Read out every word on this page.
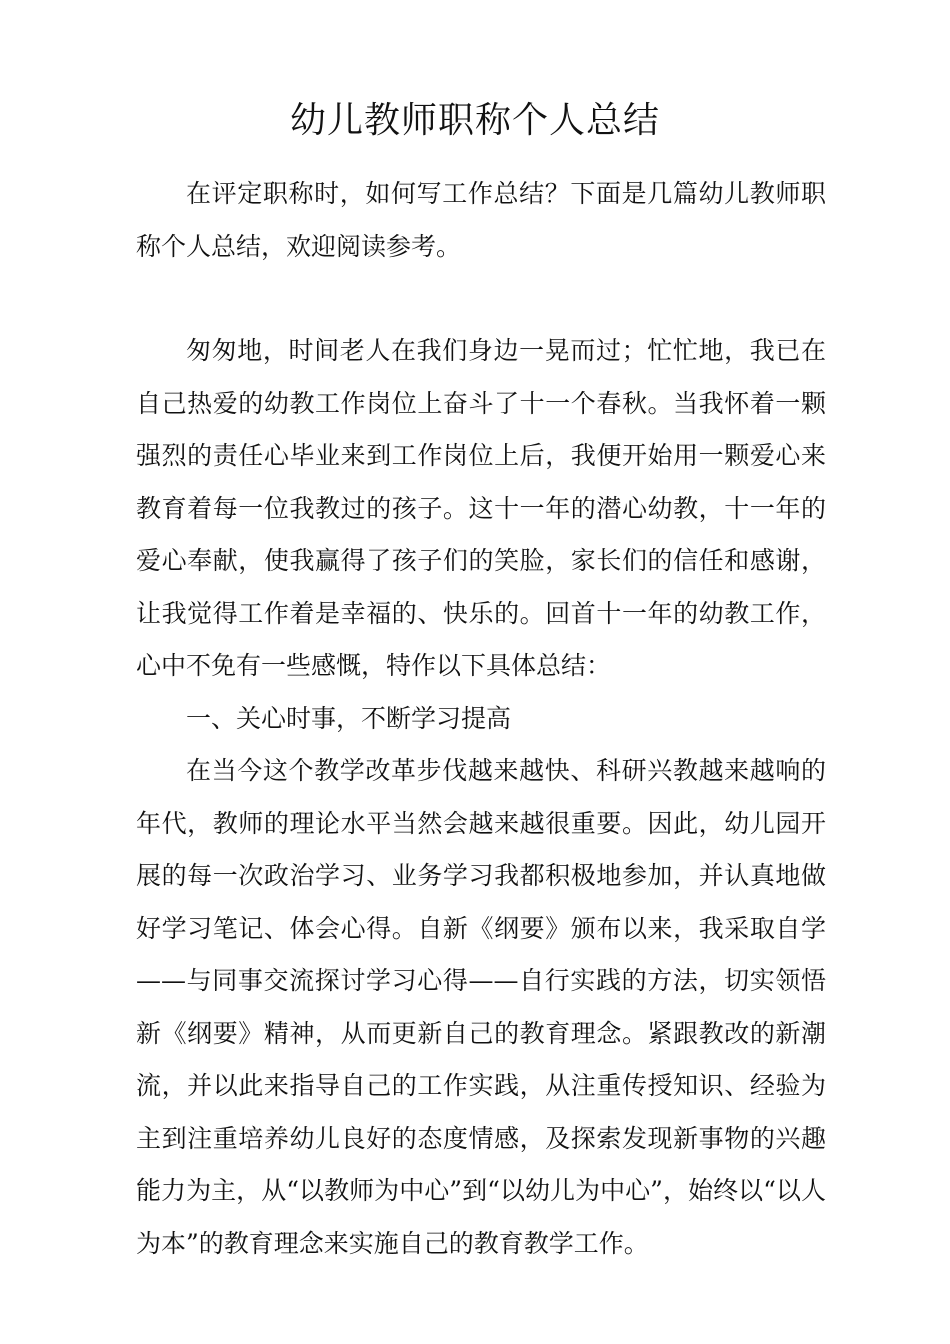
幼儿教师职称个人总结

在评定职称时，如何写工作总结？下面是几篇幼儿教师职称个人总结，欢迎阅读参考。

匆匆地，时间老人在我们身边一晃而过；忙忙地，我已在自己热爱的幼教工作岗位上奋斗了十一个春秋。当我怀着一颗强烈的责任心毕业来到工作岗位上后，我便开始用一颗爱心来教育着每一位我教过的孩子。这十一年的潜心幼教，十一年的爱心奉献，使我赢得了孩子们的笑脸，家长们的信任和感谢，让我觉得工作着是幸福的、快乐的。回首十一年的幼教工作，心中不免有一些感慨，特作以下具体总结：

一、关心时事，不断学习提高

在当今这个教学改革步伐越来越快、科研兴教越来越响的年代，教师的理论水平当然会越来越很重要。因此，幼儿园开展的每一次政治学习、业务学习我都积极地参加，并认真地做好学习笔记、体会心得。自新《纲要》颁布以来，我采取自学——与同事交流探讨学习心得——自行实践的方法，切实领悟新《纲要》精神，从而更新自己的教育理念。紧跟教改的新潮流，并以此来指导自己的工作实践，从注重传授知识、经验为主到注重培养幼儿良好的态度情感，及探索发现新事物的兴趣能力为主，从“以教师为中心”到“以幼儿为中心”，始终以“以人为本”的教育理念来实施自己的教育教学工作。
